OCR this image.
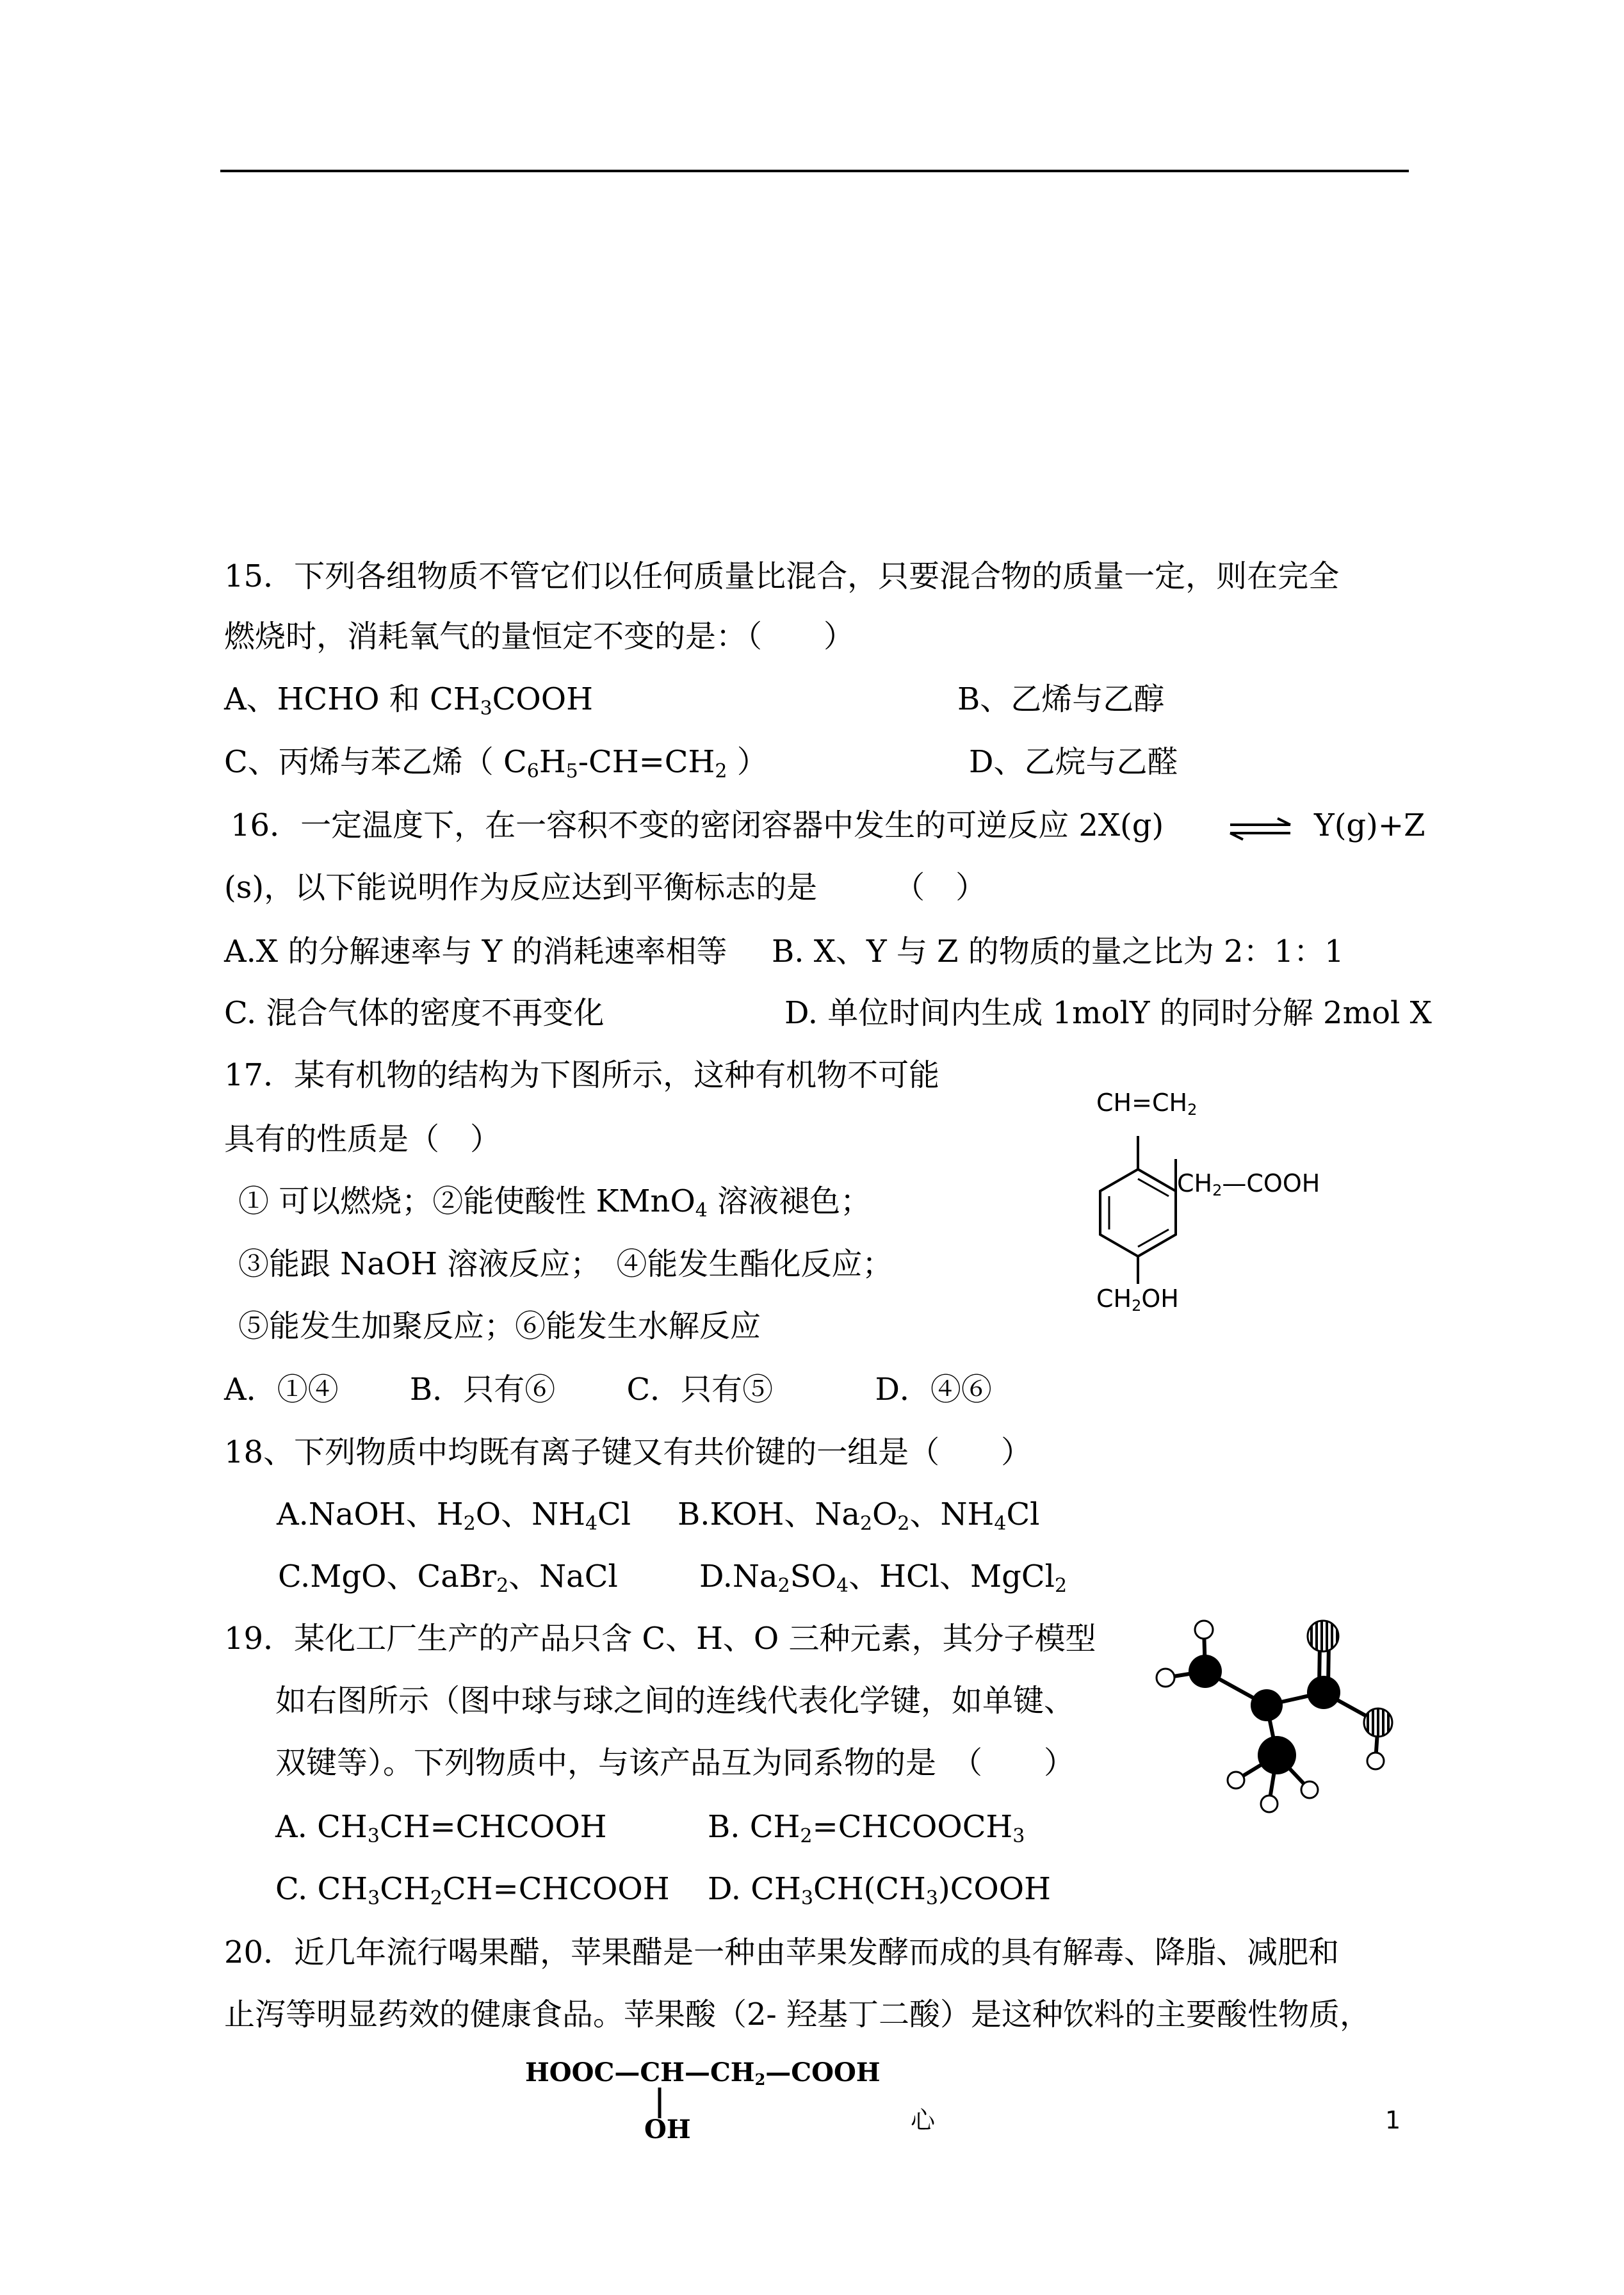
15．下列各组物质不管它们以任何质量比混合，只要混合物的质量一定，则在完全
燃烧时，消耗氧气的量恒定不变的是：（　　）
A、HCHO 和 $CH_3COOH$	B、乙烯与乙醇
C、丙烯与苯乙烯（ $C_6H_5-CH=CH_2$ ）	D、乙烷与乙醛
16．一定温度下，在一容积不变的密闭容器中发生的可逆反应 2X(g)	Y(g)+Z
(s)，以下能说明作为反应达到平衡标志的是　　　（　）
A.X 的分解速率与 Y 的消耗速率相等 B. X、Y 与 Z 的物质的量之比为 2：1：1
C. 混合气体的密度不再变化	D. 单位时间内生成 1molY 的同时分解 2mol X
17．某有机物的结构为下图所示，这种有机物不可能
具有的性质是（　）
① 可以燃烧；②能使酸性 KMnO$_4$ 溶液褪色；
③能跟 NaOH 溶液反应；　④能发生酯化反应；
⑤能发生加聚反应；⑥能发生水解反应
A．①④　　 B．只有⑥　　 C．只有⑤　　　 D．④⑥
$CH=CH_2$
$CH_2—COOH$
$CH_2OH$
18、下列物质中均既有离子键又有共价键的一组是（　　）
A.NaOH、$H_2O$、$NH_4Cl$ B.KOH、$Na_2O_2$、$NH_4Cl$
C.MgO、CaBr$_2$、NaCl	$D.Na_2SO_4$、HCl、MgCl$_2$
19．某化工厂生产的产品只含 C、H、O 三种元素，其分子模型
如右图所示（图中球与球之间的连线代表化学键，如单键、
双键等）。下列物质中，与该产品互为同系物的是　（　　）
A. $CH_3CH=CHCOOH$	B. $CH_2=CHCOOCH_3$
C. $CH_3CH_2CH=CHCOOH$ D. $CH_3CH(CH_3)COOH$
20．近几年流行喝果醋，苹果醋是一种由苹果发酵而成的具有解毒、降脂、减肥和
止泻等明显药效的健康食品。苹果酸（2- 羟基丁二酸）是这种饮料的主要酸性物质，
$HOOC—CH—CH_2—COOH$
OH	心	1
